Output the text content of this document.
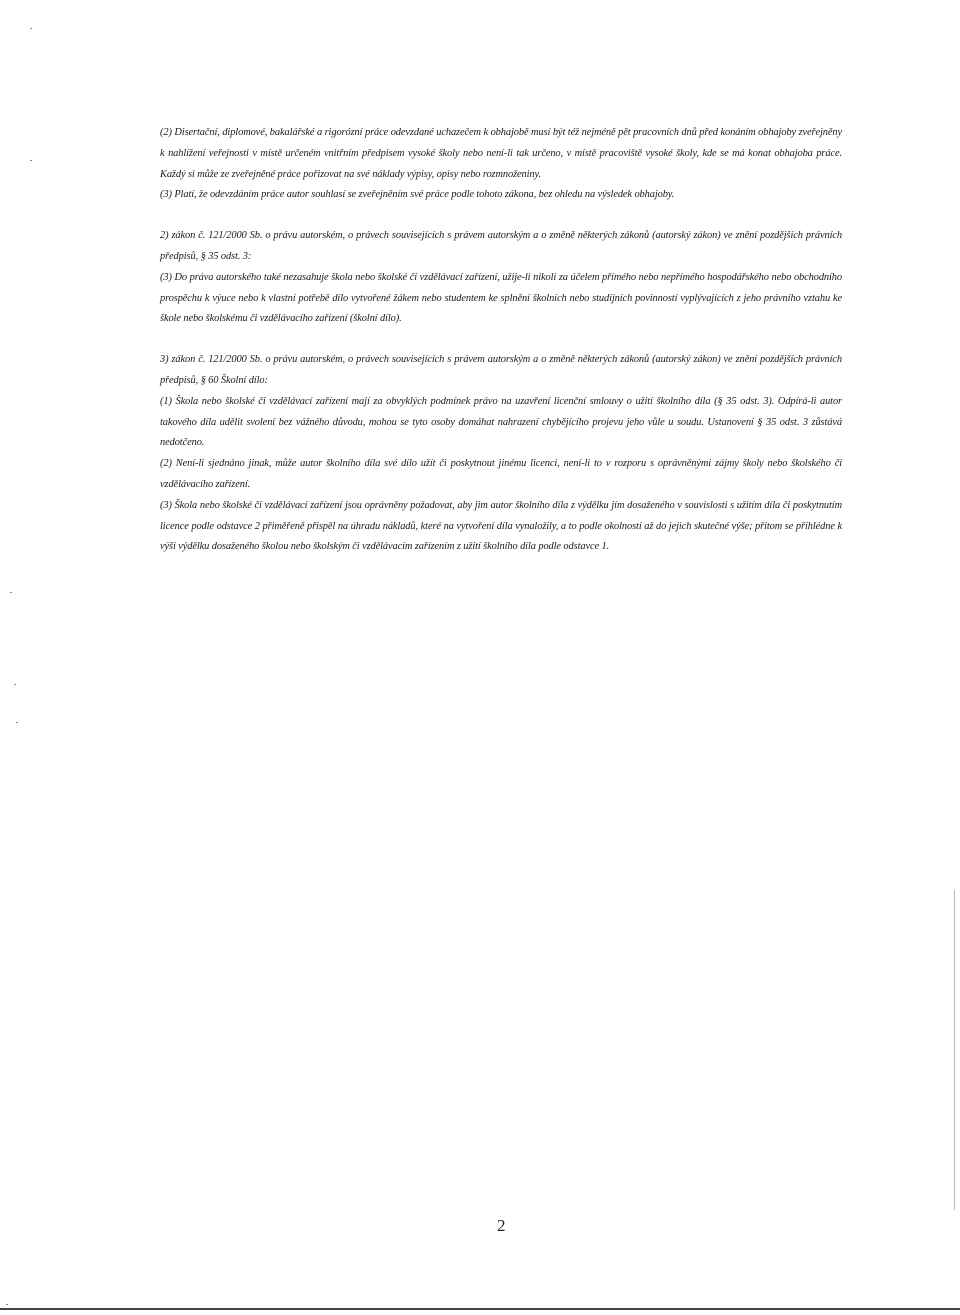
(2) Disertační, diplomové, bakalářské a rigorózní práce odevzdané uchazečem k obhajobě musí být též nejméně pět pracovních dnů před konáním obhajoby zveřejněny k nahlížení veřejnosti v místě určeném vnitřním předpisem vysoké školy nebo není-li tak určeno, v místě pracoviště vysoké školy, kde se má konat obhajoba práce. Každý si může ze zveřejněné práce pořizovat na své náklady výpisy, opisy nebo rozmnoženiny.

(3) Platí, že odevzdáním práce autor souhlasí se zveřejněním své práce podle tohoto zákona, bez ohledu na výsledek obhajoby.

2) zákon č. 121/2000 Sb. o právu autorském, o právech souvisejících s právem autorským a o změně některých zákonů (autorský zákon) ve znění pozdějších právních předpisů, § 35 odst. 3:

(3) Do práva autorského také nezasahuje škola nebo školské či vzdělávací zařízení, užije-li nikoli za účelem přímého nebo nepřímého hospodářského nebo obchodního prospěchu k výuce nebo k vlastní potřebě dílo vytvořené žákem nebo studentem ke splnění školních nebo studijních povinností vyplývajících z jeho právního vztahu ke škole nebo školskému či vzdělávacího zařízení (školní dílo).

3) zákon č. 121/2000 Sb. o právu autorském, o právech souvisejících s právem autorským a o změně některých zákonů (autorský zákon) ve znění pozdějších právních předpisů, § 60 Školní dílo:

(1) Škola nebo školské či vzdělávací zařízení mají za obvyklých podmínek právo na uzavření licenční smlouvy o užití školního díla (§ 35 odst. 3). Odpírá-li autor takového díla udělit svolení bez vážného důvodu, mohou se tyto osoby domáhat nahrazení chybějícího projevu jeho vůle u soudu. Ustanovení § 35 odst. 3 zůstává nedotčeno.

(2) Není-li sjednáno jinak, může autor školního díla své dílo užít či poskytnout jinému licenci, není-li to v rozporu s oprávněnými zájmy školy nebo školského či vzdělávacího zařízení.

(3) Škola nebo školské či vzdělávací zařízení jsou oprávněny požadovat, aby jim autor školního díla z výdělku jím dosaženého v souvislosti s užitím díla či poskytnutím licence podle odstavce 2 přiměřeně přispěl na úhradu nákladů, které na vytvoření díla vynaložily, a to podle okolností až do jejich skutečné výše; přitom se přihlédne k výši výdělku dosaženého školou nebo školským či vzdělávacím zařízením z užití školního díla podle odstavce 1.

2
